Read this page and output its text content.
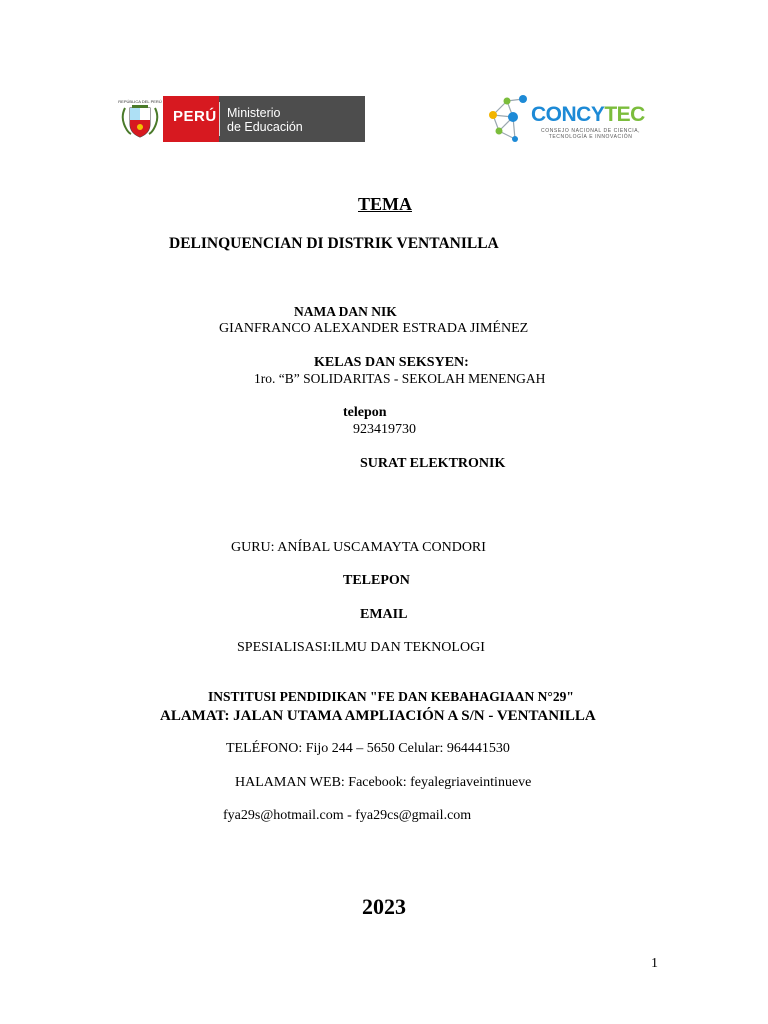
REPÚBLICA DEL PERÚ
PERÚ Ministerio
de Educación
CONCYTEC
CONSEJO NACIONAL DE CIENCIA,
TECNOLOGÍA E INNOVACIÓN
TEMA
DELINQUENCIAN DI DISTRIK VENTANILLA
NAMA DAN NIK
GIANFRANCO ALEXANDER ESTRADA JIMÉNEZ
KELAS DAN SEKSYEN:
1ro. “B” SOLIDARITAS - SEKOLAH MENENGAH
telepon
923419730
SURAT ELEKTRONIK
GURU: ANÍBAL USCAMAYTA CONDORI
TELEPON
EMAIL
SPESIALISASI:ILMU DAN TEKNOLOGI
INSTITUSI PENDIDIKAN "FE DAN KEBAHAGIAAN N°29"
ALAMAT: JALAN UTAMA AMPLIACIÓN A S/N - VENTANILLA
TELÉFONO: Fijo 244 – 5650 Celular: 964441530
HALAMAN WEB: Facebook: feyalegriaveintinueve
fya29s@hotmail.com - fya29cs@gmail.com
2023
1
